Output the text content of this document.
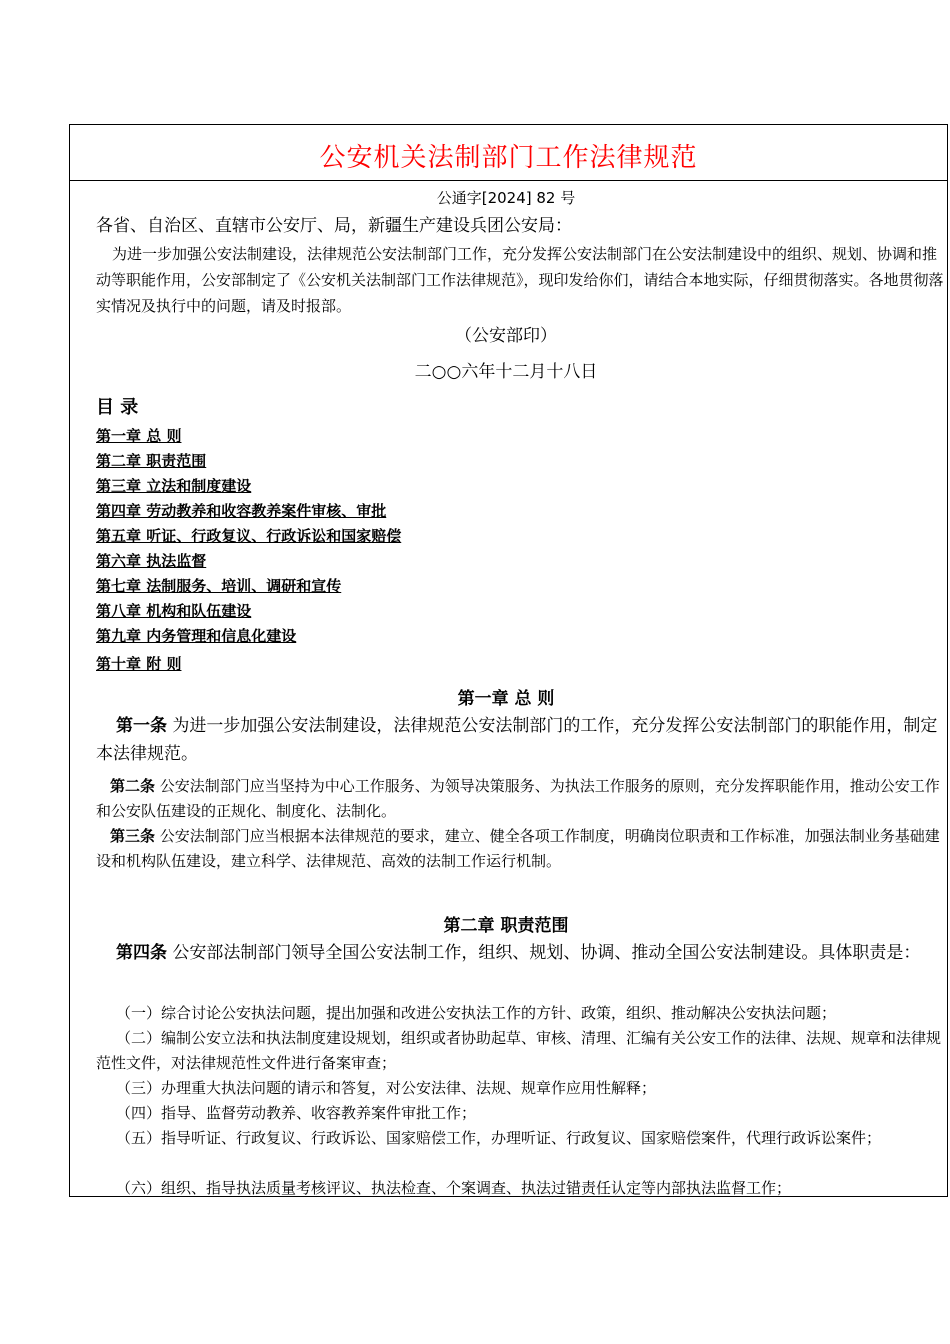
公安机关法制部门工作法律规范
公通字[2024] 82 号
各省、自治区、直辖市公安厅、局，新疆生产建设兵团公安局：
为进一步加强公安法制建设，法律规范公安法制部门工作，充分发挥公安法制部门在公安法制建设中的组织、规划、协调和推动等职能作用，公安部制定了《公安机关法制部门工作法律规范》，现印发给你们，请结合本地实际，仔细贯彻落实。各地贯彻落实情况及执行中的问题，请及时报部。
（公安部印）
二○○六年十二月十八日
目 录
第一章 总 则
第二章 职责范围
第三章 立法和制度建设
第四章 劳动教养和收容教养案件审核、审批
第五章 听证、行政复议、行政诉讼和国家赔偿
第六章 执法监督
第七章 法制服务、培训、调研和宣传
第八章 机构和队伍建设
第九章 内务管理和信息化建设
第十章 附 则
第一章 总 则
第一条 为进一步加强公安法制建设，法律规范公安法制部门的工作，充分发挥公安法制部门的职能作用，制定本法律规范。
第二条 公安法制部门应当坚持为中心工作服务、为领导决策服务、为执法工作服务的原则，充分发挥职能作用，推动公安工作和公安队伍建设的正规化、制度化、法制化。
第三条 公安法制部门应当根据本法律规范的要求，建立、健全各项工作制度，明确岗位职责和工作标准，加强法制业务基础建设和机构队伍建设，建立科学、法律规范、高效的法制工作运行机制。
第二章 职责范围
第四条 公安部法制部门领导全国公安法制工作，组织、规划、协调、推动全国公安法制建设。具体职责是：
（一）综合讨论公安执法问题，提出加强和改进公安执法工作的方针、政策，组织、推动解决公安执法问题；
（二）编制公安立法和执法制度建设规划，组织或者协助起草、审核、清理、汇编有关公安工作的法律、法规、规章和法律规范性文件，对法律规范性文件进行备案审查；
（三）办理重大执法问题的请示和答复，对公安法律、法规、规章作应用性解释；
（四）指导、监督劳动教养、收容教养案件审批工作；
（五）指导听证、行政复议、行政诉讼、国家赔偿工作，办理听证、行政复议、国家赔偿案件，代理行政诉讼案件；
（六）组织、指导执法质量考核评议、执法检查、个案调查、执法过错责任认定等内部执法监督工作；
